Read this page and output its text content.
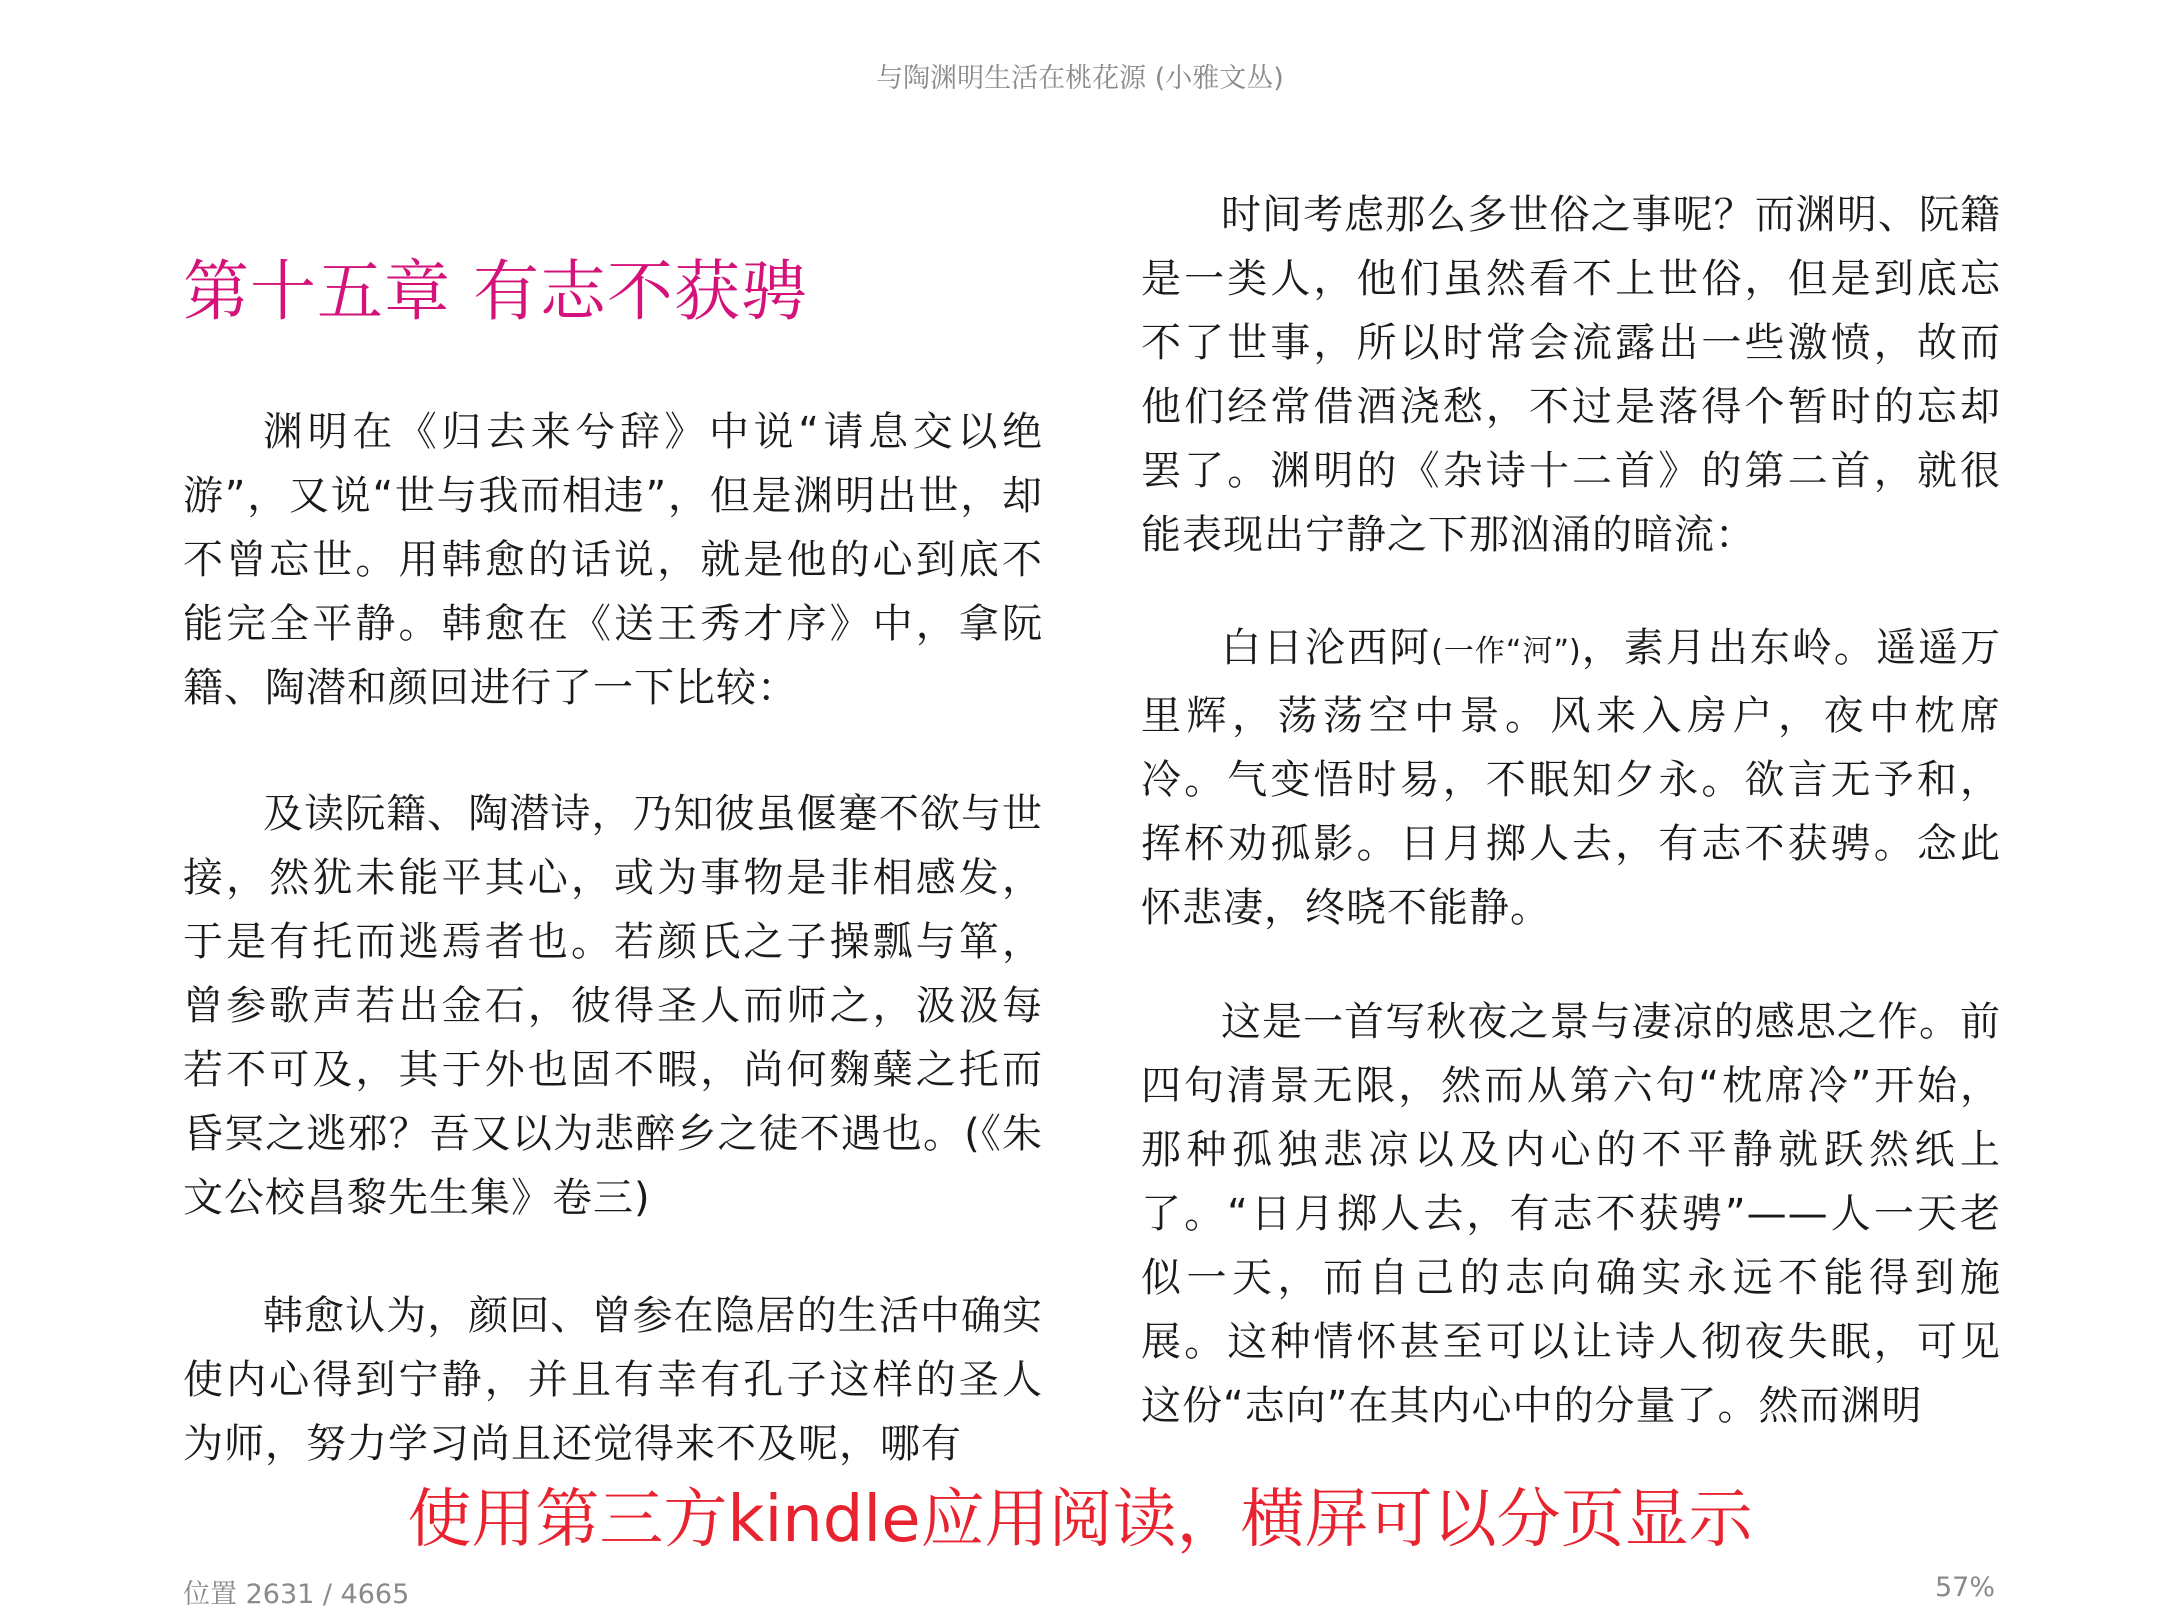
与陶渊明生活在桃花源 (小雅文丛)
第十五章 有志不获骋

渊明在《归去来兮辞》中说“请息交以绝游”，又说“世与我而相违”，但是渊明出世，却不曾忘世。用韩愈的话说，就是他的心到底不能完全平静。韩愈在《送王秀才序》中，拿阮籍、陶潜和颜回进行了一下比较：

及读阮籍、陶潜诗，乃知彼虽偃蹇不欲与世接，然犹未能平其心，或为事物是非相感发，于是有托而逃焉者也。若颜氏之子操瓢与箪，曾参歌声若出金石，彼得圣人而师之，汲汲每若不可及，其于外也固不暇，尚何麴蘖之托而昏冥之逃邪？吾又以为悲醉乡之徒不遇也。(《朱文公校昌黎先生集》卷三)

韩愈认为，颜回、曾参在隐居的生活中确实使内心得到宁静，并且有幸有孔子这样的圣人为师，努力学习尚且还觉得来不及呢，哪有

时间考虑那么多世俗之事呢？而渊明、阮籍是一类人，他们虽然看不上世俗，但是到底忘不了世事，所以时常会流露出一些激愤，故而他们经常借酒浇愁，不过是落得个暂时的忘却罢了。渊明的《杂诗十二首》的第二首，就很能表现出宁静之下那汹涌的暗流：

白日沦西阿(一作“河”)，素月出东岭。遥遥万里辉，荡荡空中景。风来入房户，夜中枕席冷。气变悟时易，不眠知夕永。欲言无予和，挥杯劝孤影。日月掷人去，有志不获骋。念此怀悲凄，终晓不能静。

这是一首写秋夜之景与凄凉的感思之作。前四句清景无限，然而从第六句“枕席冷”开始，那种孤独悲凉以及内心的不平静就跃然纸上了。“日月掷人去，有志不获骋”——人一天老似一天，而自己的志向确实永远不能得到施展。这种情怀甚至可以让诗人彻夜失眠，可见这份“志向”在其内心中的分量了。然而渊明

使用第三方kindle应用阅读，横屏可以分页显示
位置 2631 / 4665	57%
